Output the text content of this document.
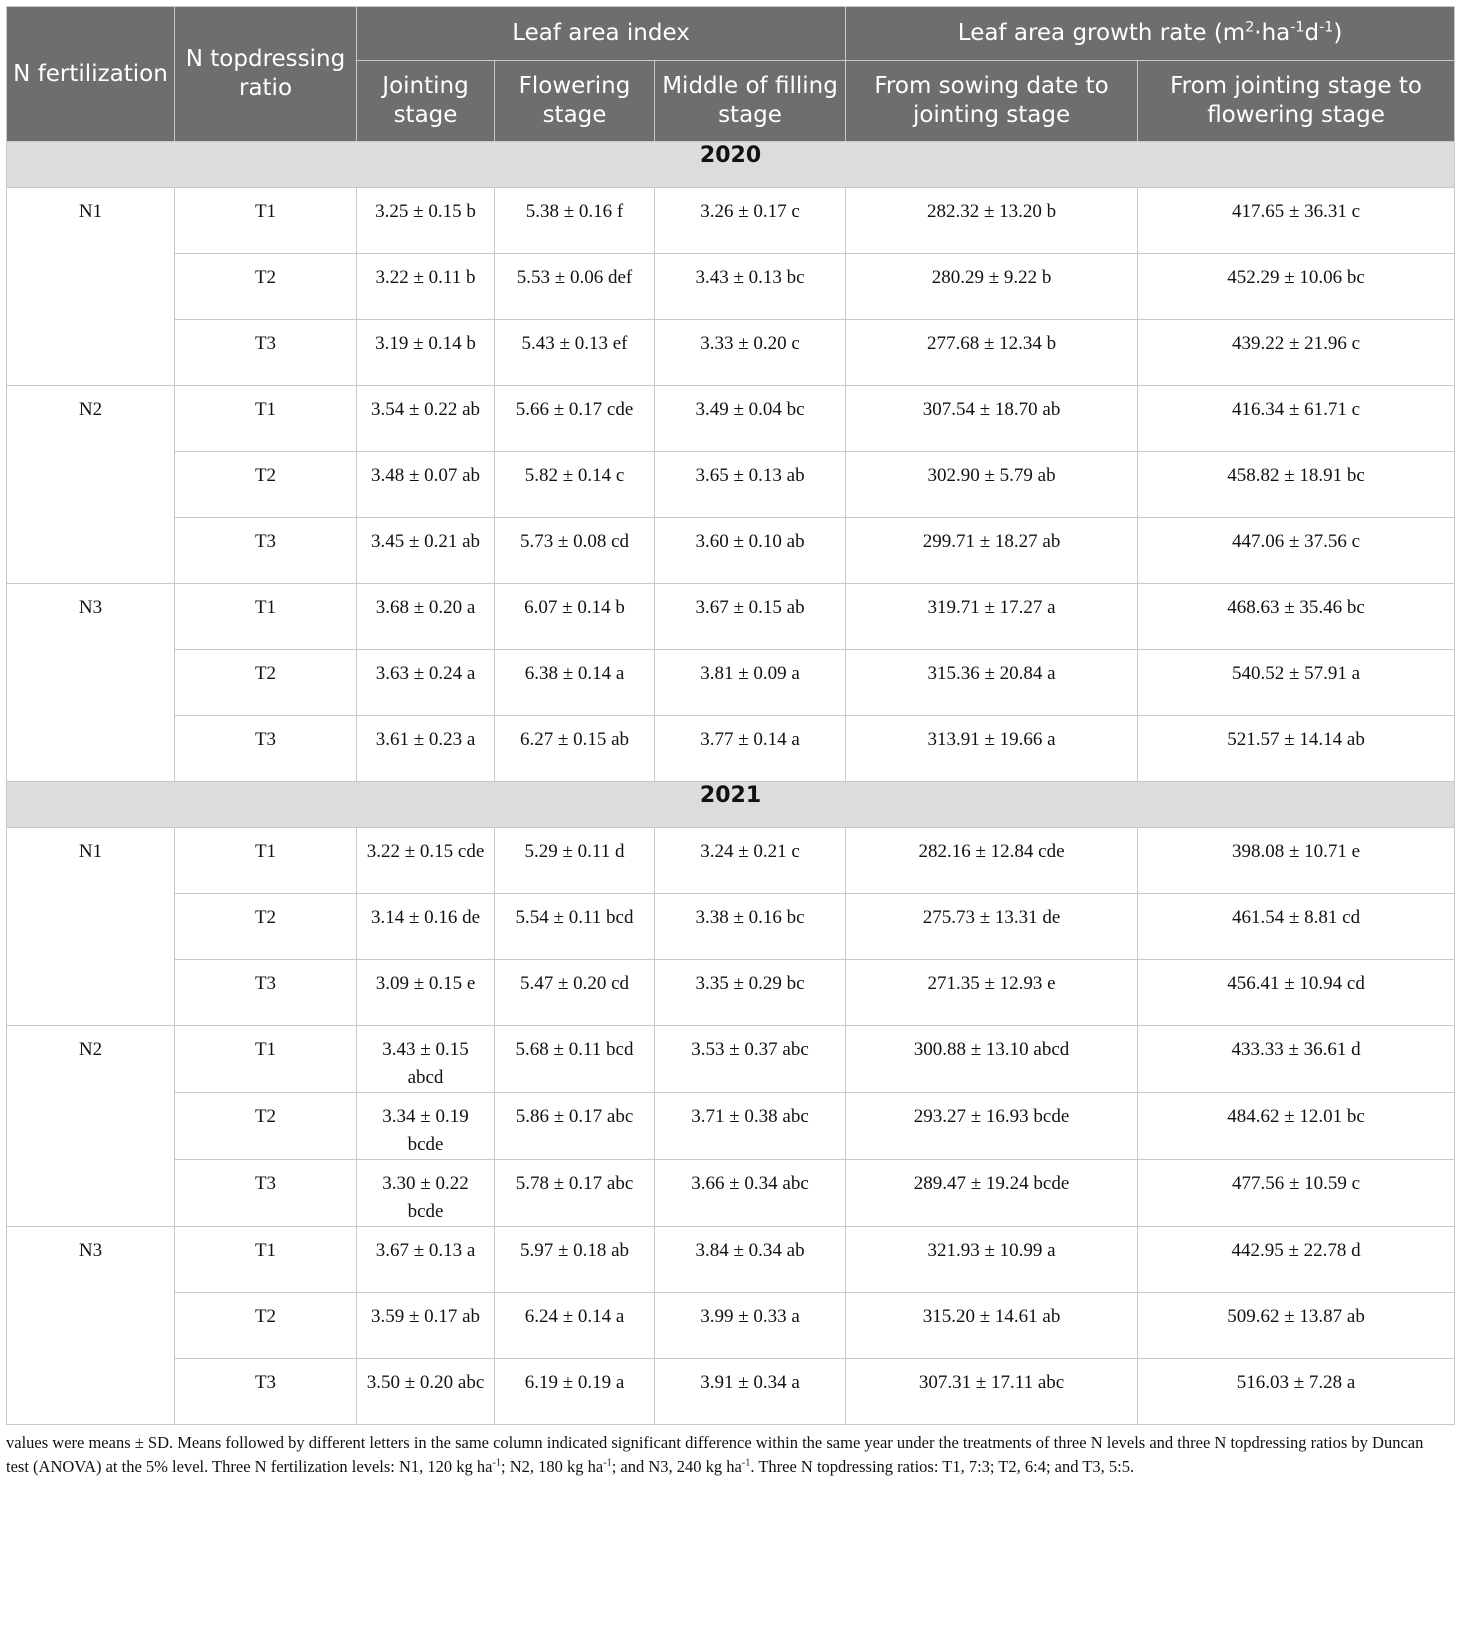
N fertilization	N topdressing ratio	Leaf area index			Leaf area growth rate $(m^2\cdot ha^{-1}d^{-1})$	
		Jointing stage	Flowering stage	Middle of filling stage	From sowing date to jointing stage	From jointing stage to flowering stage
2020						
N1	T1	3.25 ± 0.15 b	5.38 ± 0.16 f	3.26 ± 0.17 c	282.32 ± 13.20 b	417.65 ± 36.31 c
	T2	3.22 ± 0.11 b	5.53 ± 0.06 def	3.43 ± 0.13 bc	280.29 ± 9.22 b	452.29 ± 10.06 bc
	T3	3.19 ± 0.14 b	5.43 ± 0.13 ef	3.33 ± 0.20 c	277.68 ± 12.34 b	439.22 ± 21.96 c
N2	T1	3.54 ± 0.22 ab	5.66 ± 0.17 cde	3.49 ± 0.04 bc	307.54 ± 18.70 ab	416.34 ± 61.71 c
	T2	3.48 ± 0.07 ab	5.82 ± 0.14 c	3.65 ± 0.13 ab	302.90 ± 5.79 ab	458.82 ± 18.91 bc
	T3	3.45 ± 0.21 ab	5.73 ± 0.08 cd	3.60 ± 0.10 ab	299.71 ± 18.27 ab	447.06 ± 37.56 c
N3	T1	3.68 ± 0.20 a	6.07 ± 0.14 b	3.67 ± 0.15 ab	319.71 ± 17.27 a	468.63 ± 35.46 bc
	T2	3.63 ± 0.24 a	6.38 ± 0.14 a	3.81 ± 0.09 a	315.36 ± 20.84 a	540.52 ± 57.91 a
	T3	3.61 ± 0.23 a	6.27 ± 0.15 ab	3.77 ± 0.14 a	313.91 ± 19.66 a	521.57 ± 14.14 ab
2021						
N1	T1	3.22 ± 0.15 cde	5.29 ± 0.11 d	3.24 ± 0.21 c	282.16 ± 12.84 cde	398.08 ± 10.71 e
	T2	3.14 ± 0.16 de	5.54 ± 0.11 bcd	3.38 ± 0.16 bc	275.73 ± 13.31 de	461.54 ± 8.81 cd
	T3	3.09 ± 0.15 e	5.47 ± 0.20 cd	3.35 ± 0.29 bc	271.35 ± 12.93 e	456.41 ± 10.94 cd
N2	T1	3.43 ± 0.15 abcd	5.68 ± 0.11 bcd	3.53 ± 0.37 abc	300.88 ± 13.10 abcd	433.33 ± 36.61 d
	T2	3.34 ± 0.19 bcde	5.86 ± 0.17 abc	3.71 ± 0.38 abc	293.27 ± 16.93 bcde	484.62 ± 12.01 bc
	T3	3.30 ± 0.22 bcde	5.78 ± 0.17 abc	3.66 ± 0.34 abc	289.47 ± 19.24 bcde	477.56 ± 10.59 c
N3	T1	3.67 ± 0.13 a	5.97 ± 0.18 ab	3.84 ± 0.34 ab	321.93 ± 10.99 a	442.95 ± 22.78 d
	T2	3.59 ± 0.17 ab	6.24 ± 0.14 a	3.99 ± 0.33 a	315.20 ± 14.61 ab	509.62 ± 13.87 ab
	T3	3.50 ± 0.20 abc	6.19 ± 0.19 a	3.91 ± 0.34 a	307.31 ± 17.11 abc	516.03 ± 7.28 a
values were means ± SD. Means followed by different letters in the same column indicated significant difference within the same year under the treatments of three N levels and three N topdressing ratios by Duncan test (ANOVA) at the 5% level. Three N fertilization levels: N1, 120 kg $ha^{-1}$; N2, 180 kg $ha^{-1}$; and N3, 240 kg $ha^{-1}$. Three N topdressing ratios: T1, 7:3; T2, 6:4; and T3, 5:5.
